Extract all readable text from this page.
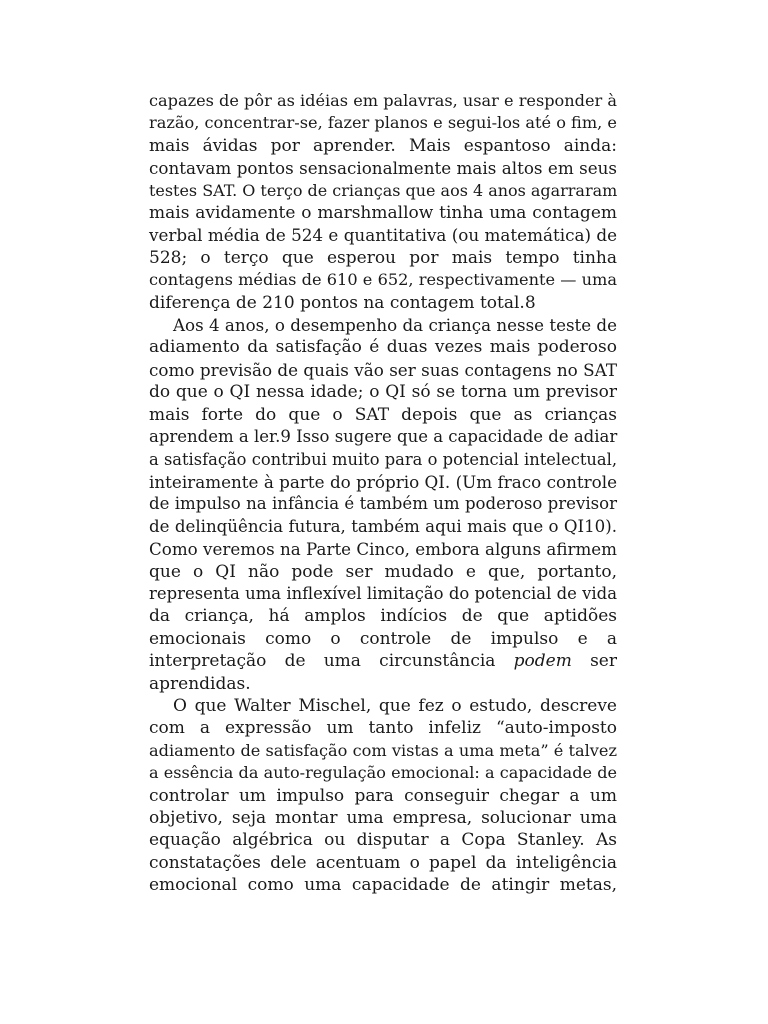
capazes de pôr as idéias em palavras, usar e responder à
razão, concentrar-se, fazer planos e segui-los até o fim, e
mais ávidas por aprender. Mais espantoso ainda:
contavam pontos sensacionalmente mais altos em seus
testes SAT. O terço de crianças que aos 4 anos agarraram
mais avidamente o marshmallow tinha uma contagem
verbal média de 524 e quantitativa (ou matemática) de
528; o terço que esperou por mais tempo tinha
contagens médias de 610 e 652, respectivamente — uma
diferença de 210 pontos na contagem total.8
Aos 4 anos, o desempenho da criança nesse teste de
adiamento da satisfação é duas vezes mais poderoso
como previsão de quais vão ser suas contagens no SAT
do que o QI nessa idade; o QI só se torna um previsor
mais forte do que o SAT depois que as crianças
aprendem a ler.9 Isso sugere que a capacidade de adiar
a satisfação contribui muito para o potencial intelectual,
inteiramente à parte do próprio QI. (Um fraco controle
de impulso na infância é também um poderoso previsor
de delinqüência futura, também aqui mais que o QI10).
Como veremos na Parte Cinco, embora alguns afirmem
que o QI não pode ser mudado e que, portanto,
representa uma inflexível limitação do potencial de vida
da criança, há amplos indícios de que aptidões
emocionais como o controle de impulso e a
interpretação de uma circunstância podem ser
aprendidas.
O que Walter Mischel, que fez o estudo, descreve
com a expressão um tanto infeliz “auto-imposto
adiamento de satisfação com vistas a uma meta” é talvez
a essência da auto-regulação emocional: a capacidade de
controlar um impulso para conseguir chegar a um
objetivo, seja montar uma empresa, solucionar uma
equação algébrica ou disputar a Copa Stanley. As
constatações dele acentuam o papel da inteligência
emocional como uma capacidade de atingir metas,
